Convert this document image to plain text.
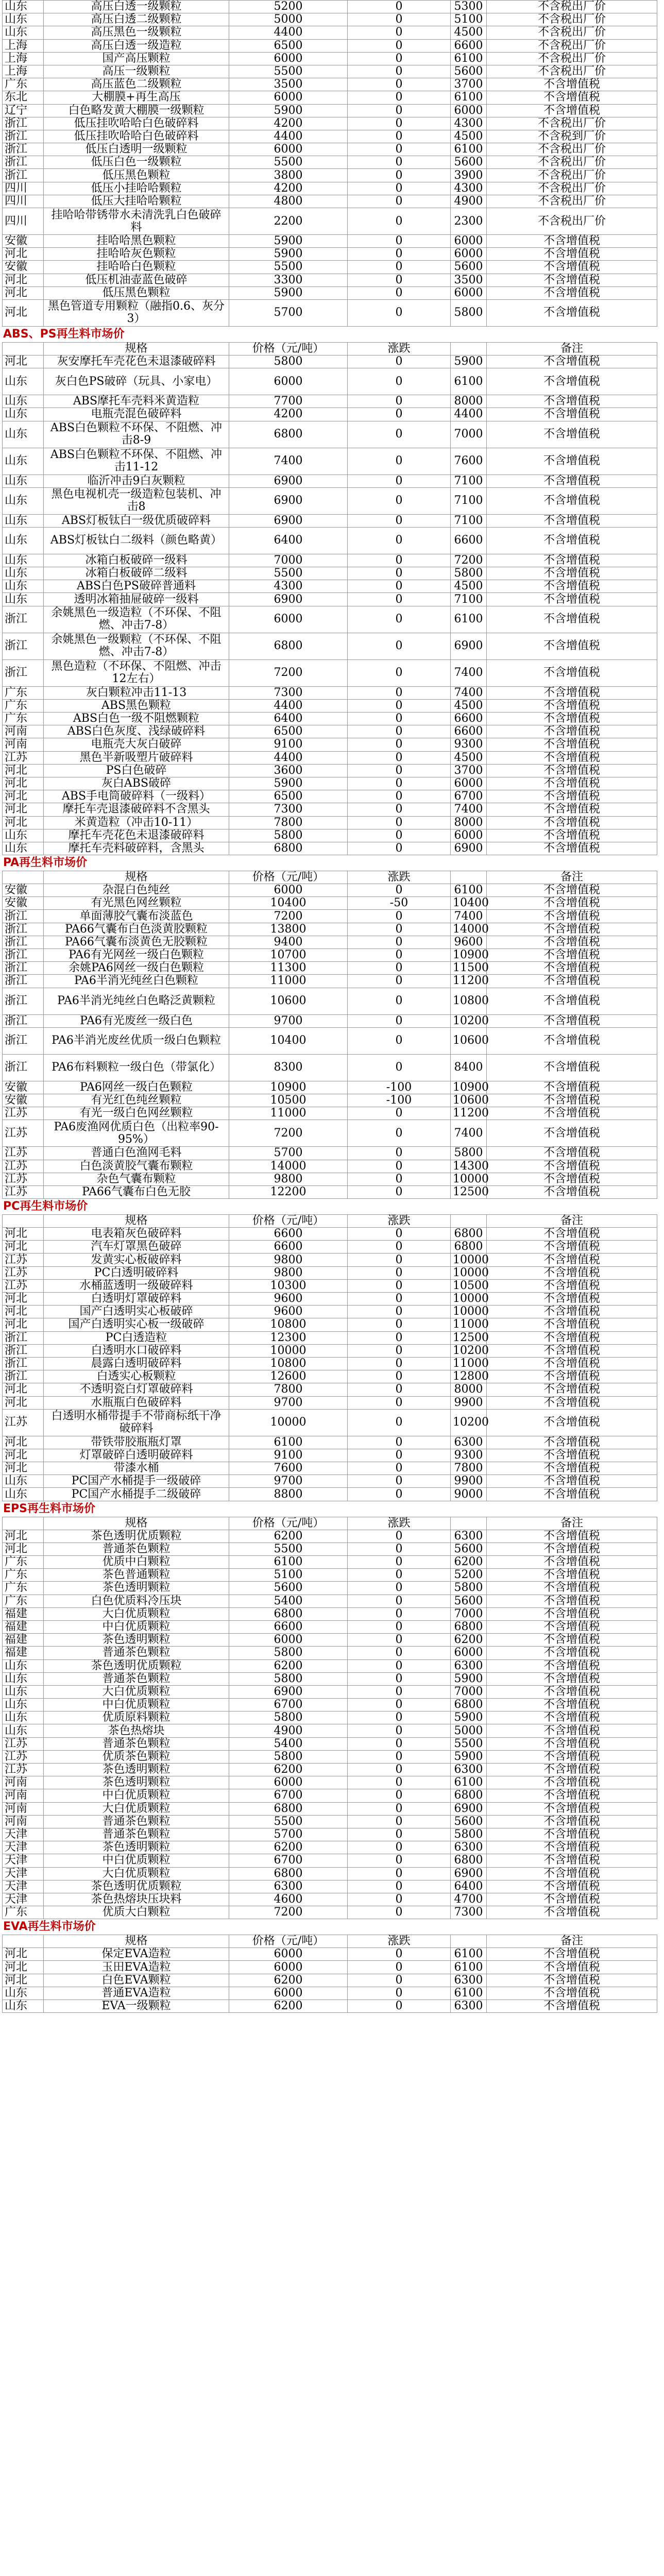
山东	高压白透一级颗粒	5200	0	5300	不含税出厂价
山东	高压白透二级颗粒	5000	0	5100	不含税出厂价
山东	高压黑色一级颗粒	4400	0	4500	不含税出厂价
上海	高压白透一级造粒	6500	0	6600	不含税出厂价
上海	国产高压颗粒	6000	0	6100	不含税出厂价
上海	高压一级颗粒	5500	0	5600	不含税出厂价
广东	高压蓝色二级颗粒	3500	0	3700	不含增值税
东北	大棚膜+再生高压	6000	0	6100	不含增值税
辽宁	白色略发黄大棚膜一级颗粒	5900	0	6000	不含增值税
浙江	低压挂吹哈哈白色破碎料	4200	0	4300	不含税出厂价
浙江	低压挂吹哈哈白色破碎料	4400	0	4500	不含税到厂价
浙江	低压白透明一级颗粒	6000	0	6100	不含税出厂价
浙江	低压白色一级颗粒	5500	0	5600	不含税出厂价
浙江	低压黑色颗粒	3800	0	3900	不含税出厂价
四川	低压小挂哈哈颗粒	4200	0	4300	不含税出厂价
四川	低压大挂哈哈颗粒	4800	0	4900	不含税出厂价
四川	挂哈哈带锈带水未清洗乳白色破碎料	2200	0	2300	不含税出厂价
安徽	挂哈哈黑色颗粒	5900	0	6000	不含增值税
河北	挂哈哈灰色颗粒	5900	0	6000	不含增值税
安徽	挂哈哈白色颗粒	5500	0	5600	不含增值税
河北	低压机油壶蓝色破碎	3300	0	3500	不含增值税
河北	低压黑色颗粒	5900	0	6000	不含增值税
河北	黑色管道专用颗粒（融指0.6、灰分3）	5700	0	5800	不含增值税
ABS、PS再生料市场价
	规格	价格（元/吨）	涨跌		备注
河北	灰安摩托车壳花色未退漆破碎料	5800	0	5900	不含增值税
山东	灰白色PS破碎（玩具、小家电）	6000	0	6100	不含增值税
山东	ABS摩托车壳料米黄造粒	7700	0	8000	不含增值税
山东	电瓶壳混色破碎料	4200	0	4400	不含增值税
山东	ABS白色颗粒不环保、不阻燃、冲击8-9	6800	0	7000	不含增值税
山东	ABS白色颗粒不环保、不阻燃、冲击11-12	7400	0	7600	不含增值税
山东	临沂冲击9白灰颗粒	6900	0	7100	不含增值税
山东	黑色电视机壳一级造粒包装机、冲击8	6900	0	7100	不含增值税
山东	ABS灯板钛白一级优质破碎料	6900	0	7100	不含增值税
山东	ABS灯板钛白二级料（颜色略黄）	6400	0	6600	不含增值税
山东	冰箱白板破碎一级料	7000	0	7200	不含增值税
山东	冰箱白板破碎二级料	5500	0	5800	不含增值税
山东	ABS白色PS破碎普通料	4300	0	4500	不含增值税
山东	透明冰箱抽屉破碎一级料	6900	0	7100	不含增值税
浙江	余姚黑色一级造粒（不环保、不阻燃、冲击7-8）	6000	0	6100	不含增值税
浙江	余姚黑色一级颗粒（不环保、不阻燃、冲击7-8）	6800	0	6900	不含增值税
浙江	黑色造粒（不环保、不阻燃、冲击12左右）	7200	0	7400	不含增值税
广东	灰白颗粒冲击11-13	7300	0	7400	不含增值税
广东	ABS黑色颗粒	4400	0	4500	不含增值税
广东	ABS白色一级不阻燃颗粒	6400	0	6600	不含增值税
河南	ABS白色灰度、浅绿破碎料	6500	0	6600	不含增值税
河南	电瓶壳大灰白破碎	9100	0	9300	不含增值税
江苏	黑色半新吸塑片破碎料	4400	0	4500	不含增值税
河北	PS白色破碎	3600	0	3700	不含增值税
河北	灰白ABS破碎	5900	0	6000	不含增值税
河北	ABS手电筒破碎料（一级料）	6500	0	6700	不含增值税
河北	摩托车壳退漆破碎料不含黑头	7300	0	7400	不含增值税
河北	米黄造粒（冲击10-11）	7800	0	8000	不含增值税
山东	摩托车壳花色未退漆破碎料	5800	0	6000	不含增值税
山东	摩托车壳料破碎料，含黑头	6800	0	6900	不含增值税
PA再生料市场价
	规格	价格（元/吨）	涨跌		备注
安徽	杂混白色纯丝	6000	0	6100	不含增值税
安徽	有光黑色网丝颗粒	10400	-50	10400	不含增值税
浙江	单面薄胶气囊布淡蓝色	7200	0	7400	不含增值税
浙江	PA66气囊布白色淡黄胶颗粒	13800	0	14000	不含增值税
浙江	PA66气囊布淡黄色无胶颗粒	9400	0	9600	不含增值税
浙江	PA6有光网丝一级白色颗粒	10700	0	10900	不含增值税
浙江	余姚PA6网丝一级白色颗粒	11300	0	11500	不含增值税
浙江	PA6半消光纯丝白色颗粒	11000	0	11200	不含增值税
浙江	PA6半消光纯丝白色略泛黄颗粒	10600	0	10800	不含增值税
浙江	PA6有光废丝一级白色	9700	0	10200	不含增值税
浙江	PA6半消光废丝优质一级白色颗粒	10400	0	10600	不含增值税
浙江	PA6布料颗粒一级白色（带氯化）	8300	0	8400	不含增值税
安徽	PA6网丝一级白色颗粒	10900	-100	10900	不含增值税
安徽	有光红色纯丝颗粒	10500	-100	10600	不含增值税
江苏	有光一级白色网丝颗粒	11000	0	11200	不含增值税
江苏	PA6废渔网优质白色（出粒率90-95%）	7200	0	7400	不含增值税
江苏	普通白色渔网毛料	5700	0	5800	不含增值税
江苏	白色淡黄胶气囊布颗粒	14000	0	14300	不含增值税
江苏	杂色气囊布颗粒	9800	0	10000	不含增值税
江苏	PA66气囊布白色无胶	12200	0	12500	不含增值税
PC再生料市场价
	规格	价格（元/吨）	涨跌		备注
河北	电表箱灰色破碎料	6600	0	6800	不含增值税
河北	汽车灯罩黑色破碎	6600	0	6800	不含增值税
江苏	发黄实心板破碎料	9800	0	10000	不含增值税
江苏	PC白透明破碎料	9800	0	10000	不含增值税
江苏	水桶蓝透明一级破碎料	10300	0	10500	不含增值税
河北	白透明灯罩破碎料	9600	0	10000	不含增值税
河北	国产白透明实心板破碎	9600	0	10000	不含增值税
河北	国产白透明实心板一级破碎	10800	0	11000	不含增值税
浙江	PC白透造粒	12300	0	12500	不含增值税
浙江	白透明水口破碎料	10000	0	10200	不含增值税
浙江	晨露白透明破碎料	10800	0	11000	不含增值税
浙江	白透实心板颗粒	12600	0	12800	不含增值税
河北	不透明瓷白灯罩破碎料	7800	0	8000	不含增值税
河北	水瓶瓶白色破碎料	9700	0	9900	不含增值税
江苏	白透明水桶带提手不带商标纸干净破碎料	10000	0	10200	不含增值税
河北	带铁带胶瓶瓶灯罩	6100	0	6300	不含增值税
河北	灯罩破碎白透明破碎料	9100	0	9300	不含增值税
河北	带漆水桶	7600	0	7800	不含增值税
山东	PC国产水桶提手一级破碎	9700	0	9900	不含增值税
山东	PC国产水桶提手二级破碎	8800	0	9000	不含增值税
EPS再生料市场价
	规格	价格（元/吨）	涨跌		备注
河北	茶色透明优质颗粒	6200	0	6300	不含增值税
河北	普通茶色颗粒	5500	0	5600	不含增值税
广东	优质中白颗粒	6100	0	6200	不含增值税
广东	茶色普通颗粒	5100	0	5200	不含增值税
广东	茶色透明颗粒	5600	0	5800	不含增值税
广东	白色优质料冷压块	5400	0	5600	不含增值税
福建	大白优质颗粒	6800	0	7000	不含增值税
福建	中白优质颗粒	6600	0	6800	不含增值税
福建	茶色透明颗粒	6000	0	6200	不含增值税
福建	普通茶色颗粒	5800	0	6000	不含增值税
山东	茶色透明优质颗粒	6200	0	6300	不含增值税
山东	普通茶色颗粒	5800	0	5900	不含增值税
山东	大白优质颗粒	6900	0	7000	不含增值税
山东	中白优质颗粒	6700	0	6800	不含增值税
山东	优质原料颗粒	5800	0	5900	不含增值税
山东	茶色热熔块	4900	0	5000	不含增值税
江苏	普通茶色颗粒	5400	0	5500	不含增值税
江苏	优质茶色颗粒	5800	0	5900	不含增值税
江苏	茶色透明颗粒	6200	0	6300	不含增值税
河南	茶色透明颗粒	6000	0	6100	不含增值税
河南	中白优质颗粒	6700	0	6800	不含增值税
河南	大白优质颗粒	6800	0	6900	不含增值税
河南	普通茶色颗粒	5500	0	5600	不含增值税
天津	普通茶色颗粒	5700	0	5800	不含增值税
天津	茶色透明颗粒	6200	0	6300	不含增值税
天津	中白优质颗粒	6700	0	6800	不含增值税
天津	大白优质颗粒	6800	0	6900	不含增值税
天津	茶色透明优质颗粒	6300	0	6400	不含增值税
天津	茶色热熔块压块料	4600	0	4700	不含增值税
广东	优质大白颗粒	7200	0	7300	不含增值税
EVA再生料市场价
	规格	价格（元/吨）	涨跌		备注
河北	保定EVA造粒	6000	0	6100	不含增值税
河北	玉田EVA造粒	6000	0	6100	不含增值税
河北	白色EVA颗粒	6200	0	6300	不含增值税
山东	普通EVA造粒	6000	0	6100	不含增值税
山东	EVA一级颗粒	6200	0	6300	不含增值税
